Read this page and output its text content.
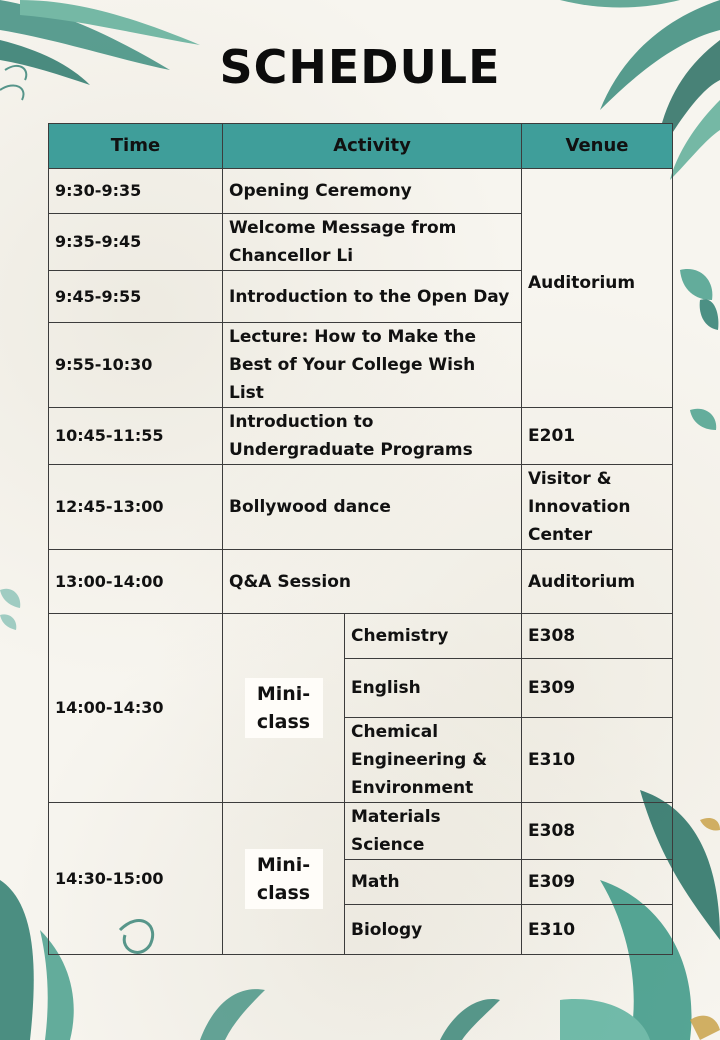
SCHEDULE
Time	Activity		Venue
9:30-9:35	Opening Ceremony		Auditorium
9:35-9:45	Welcome Message from Chancellor Li		
9:45-9:55	Introduction to the Open Day		
9:55-10:30	Lecture: How to Make the Best of Your College Wish List		
10:45-11:55	Introduction to Undergraduate Programs		E201
12:45-13:00	Bollywood dance		Visitor & Innovation Center
13:00-14:00	Q&A Session		Auditorium
14:00-14:30	Mini-class	Chemistry	E308
		English	E309
		Chemical Engineering & Environment	E310
14:30-15:00	Mini-class	Materials Science	E308
		Math	E309
		Biology	E310
